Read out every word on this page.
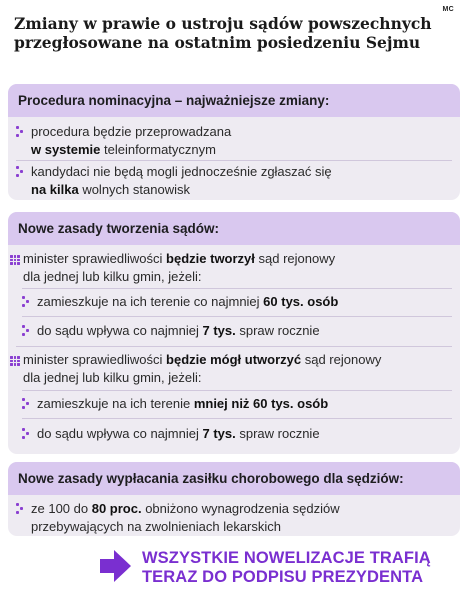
MC
Zmiany w prawie o ustroju sądów powszechnych
przegłosowane na ostatnim posiedzeniu Sejmu
Procedura nominacyjna – najważniejsze zmiany:
procedura będzie przeprowadzana
w systemie teleinformatycznym
kandydaci nie będą mogli jednocześnie zgłaszać się
na kilka wolnych stanowisk
Nowe zasady tworzenia sądów:
minister sprawiedliwości będzie tworzył sąd rejonowy
dla jednej lub kilku gmin, jeżeli:
zamieszkuje na ich terenie co najmniej 60 tys. osób
do sądu wpływa co najmniej 7 tys. spraw rocznie
minister sprawiedliwości będzie mógł utworzyć sąd rejonowy
dla jednej lub kilku gmin, jeżeli:
zamieszkuje na ich terenie mniej niż 60 tys. osób
do sądu wpływa co najmniej 7 tys. spraw rocznie
Nowe zasady wypłacania zasiłku chorobowego dla sędziów:
ze 100 do 80 proc. obniżono wynagrodzenia sędziów
przebywających na zwolnieniach lekarskich
WSZYSTKIE NOWELIZACJE TRAFIĄ
TERAZ DO PODPISU PREZYDENTA
